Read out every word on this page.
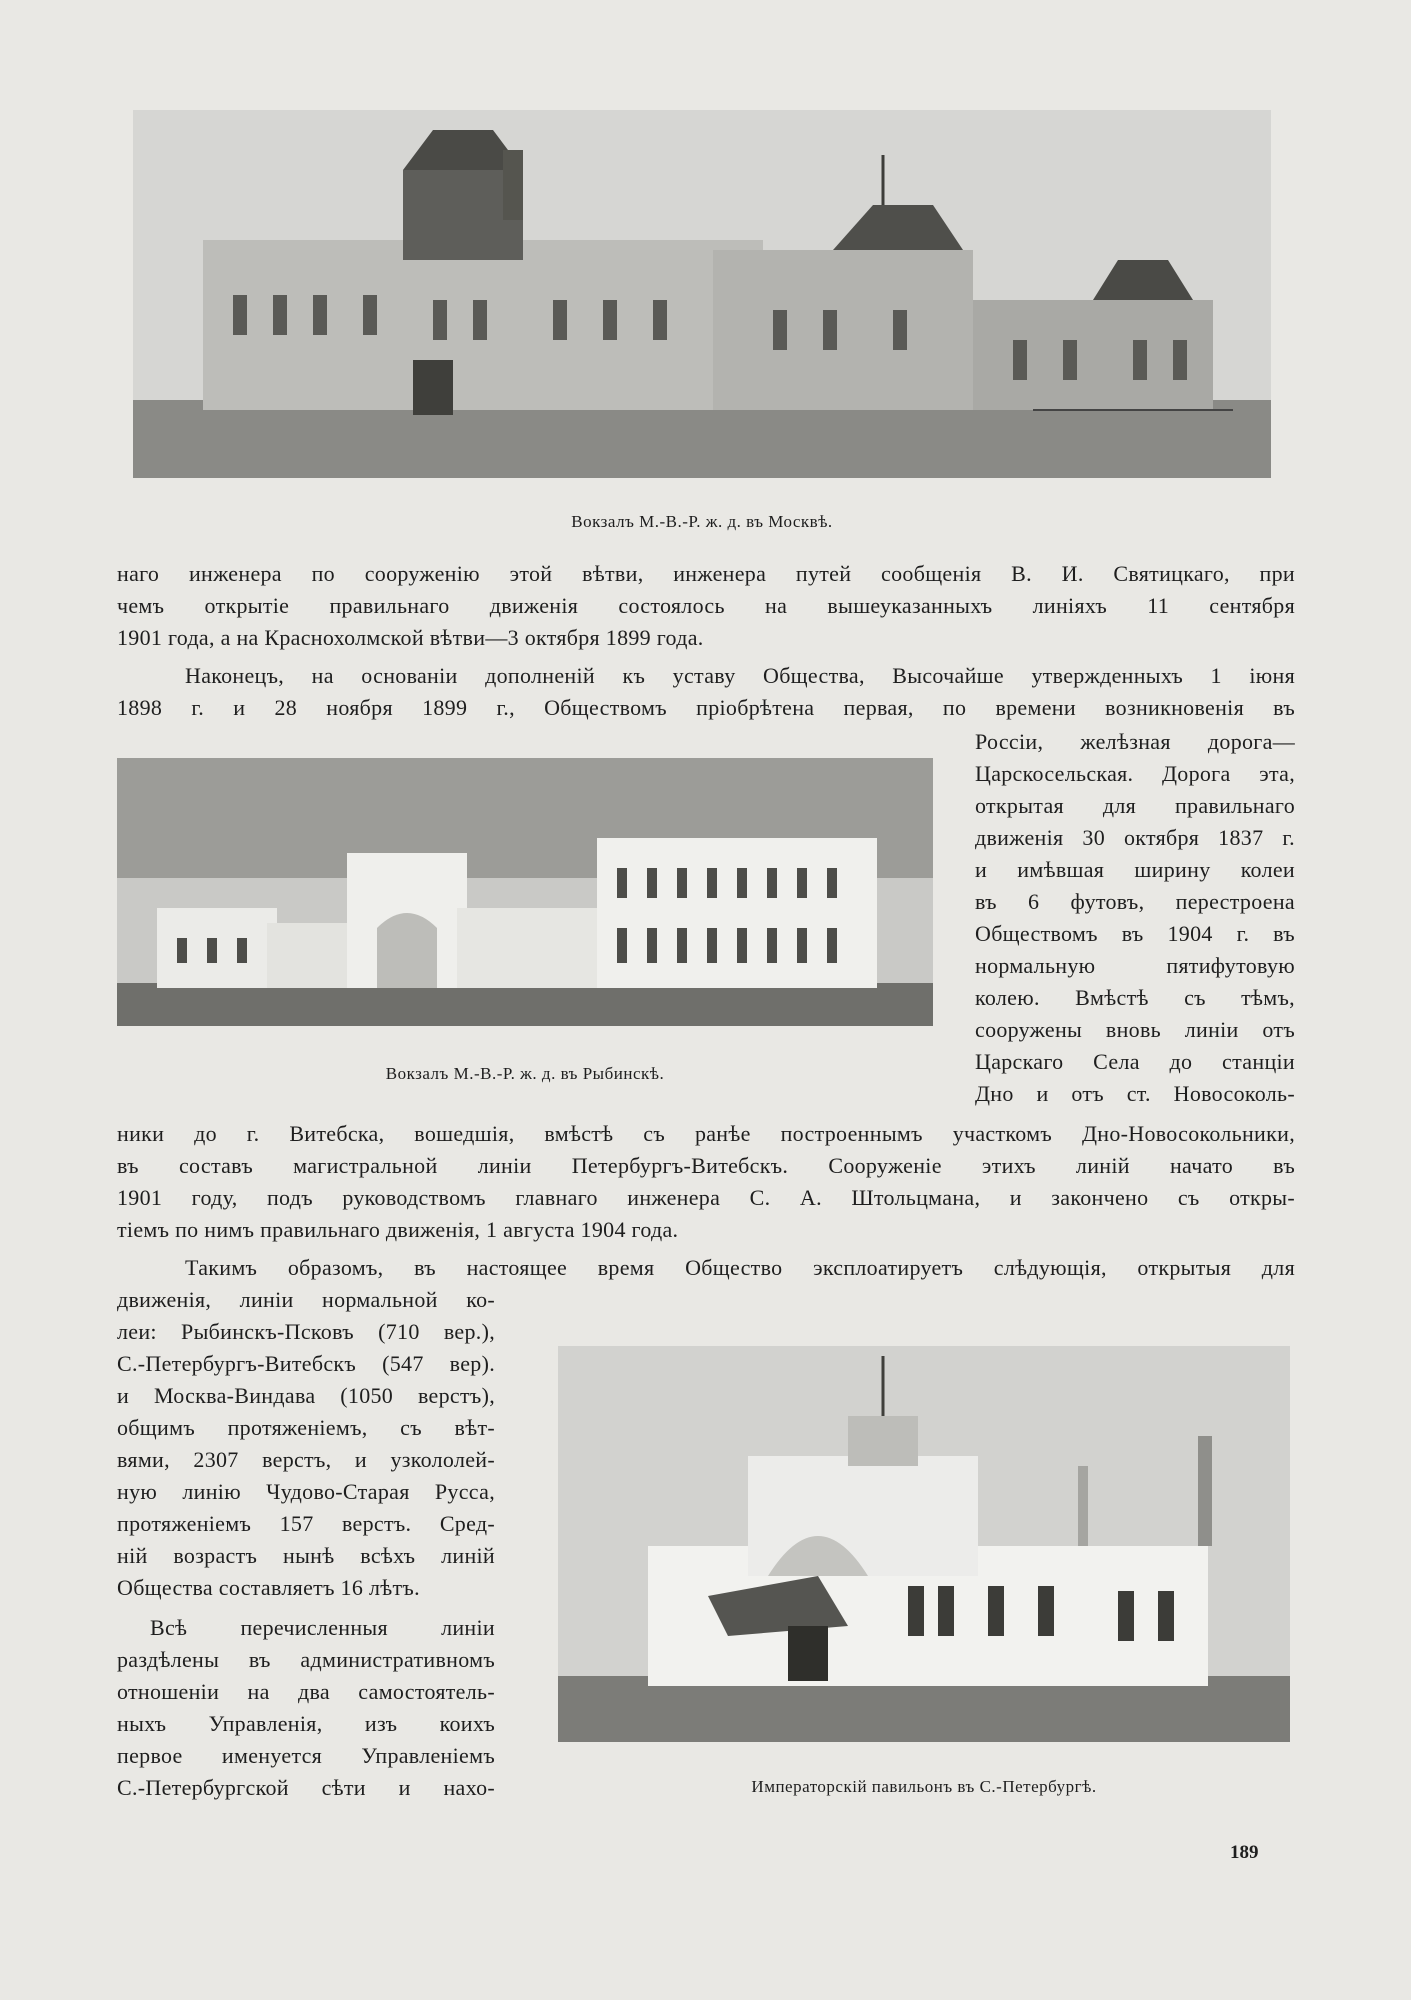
Вокзалъ М.-В.-Р. ж. д. въ Москвѣ.
наго инженера по сооруженію этой вѣтви, инженера путей сообщенія В. И. Святицкаго, при
чемъ открытіе правильнаго движенія состоялось на вышеуказанныхъ линіяхъ 11 сентября
1901 года, а на Краснохолмской вѣтви—3 октября 1899 года.
Наконецъ, на основаніи дополненій къ уставу Общества, Высочайше утвержденныхъ 1 іюня
1898 г. и 28 ноября 1899 г., Обществомъ пріобрѣтена первая, по времени возникновенія въ
Вокзалъ М.-В.-Р. ж. д. въ Рыбинскѣ.
Россіи, желѣзная дорога—
Царскосельская. Дорога эта,
открытая для правильнаго
движенія 30 октября 1837 г.
и имѣвшая ширину колеи
въ 6 футовъ, перестроена
Обществомъ въ 1904 г. въ
нормальную пятифутовую
колею. Вмѣстѣ съ тѣмъ,
сооружены вновь линіи отъ
Царскаго Села до станціи
Дно и отъ ст. Новосоколь-
ники до г. Витебска, вошедшія, вмѣстѣ съ ранѣе построеннымъ участкомъ Дно-Новосокольники,
въ составъ магистральной линіи Петербургъ-Витебскъ. Сооруженіе этихъ линій начато въ
1901 году, подъ руководствомъ главнаго инженера С. А. Штольцмана, и закончено съ откры-
тіемъ по нимъ правильнаго движенія, 1 августа 1904 года.
Такимъ образомъ, въ настоящее время Общество эксплоатируетъ слѣдующія, открытыя для
движенія, линіи нормальной ко-
леи: Рыбинскъ-Псковъ (710 вер.),
С.-Петербургъ-Витебскъ (547 вер).
и Москва-Виндава (1050 верстъ),
общимъ протяженіемъ, съ вѣт-
вями, 2307 верстъ, и узкололей-
ную линію Чудово-Старая Русса,
протяженіемъ 157 верстъ. Сред-
ній возрастъ нынѣ всѣхъ линій
Общества составляетъ 16 лѣтъ.
Всѣ перечисленныя линіи
раздѣлены въ административномъ
отношеніи на два самостоятель-
ныхъ Управленія, изъ коихъ
первое именуется Управленіемъ
С.-Петербургской сѣти и нахо-	Императорскій павильонъ въ С.-Петербургѣ.
189
